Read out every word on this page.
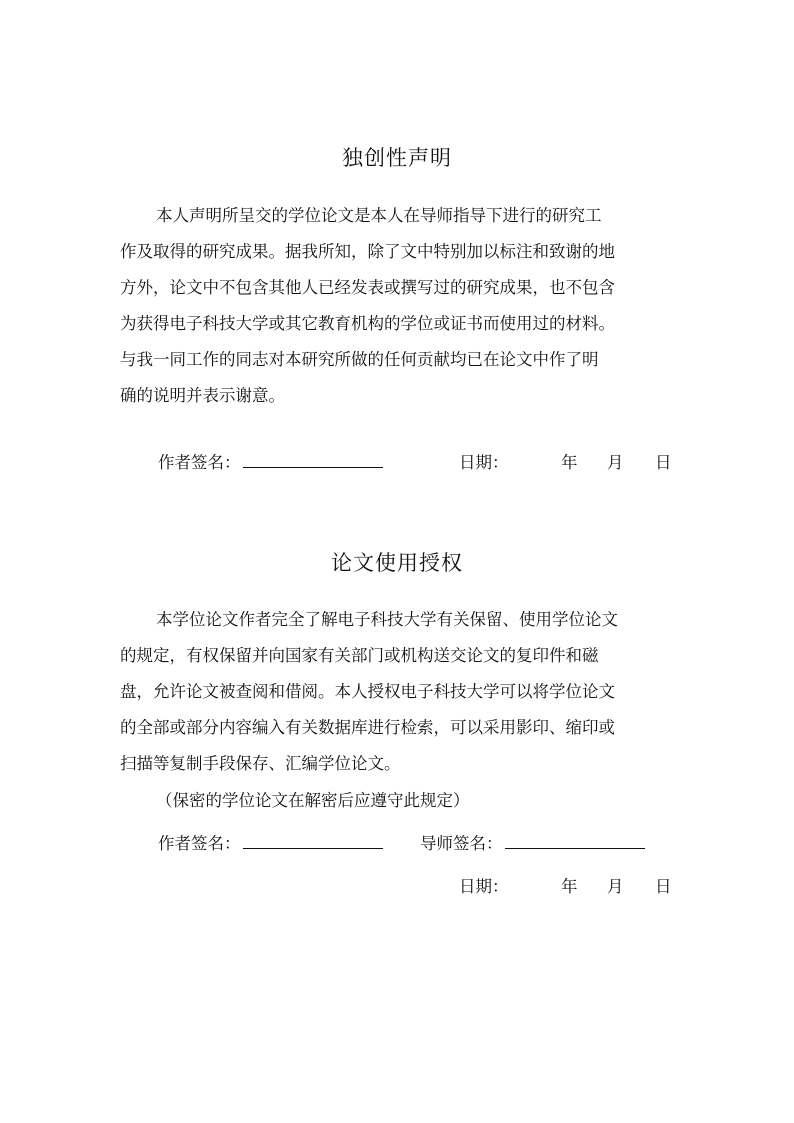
独创性声明

本人声明所呈交的学位论文是本人在导师指导下进行的研究工
作及取得的研究成果。据我所知，除了文中特别加以标注和致谢的地
方外，论文中不包含其他人已经发表或撰写过的研究成果，也不包含
为获得电子科技大学或其它教育机构的学位或证书而使用过的材料。
与我一同工作的同志对本研究所做的任何贡献均已在论文中作了明
确的说明并表示谢意。

作者签名：	日期：	年 月 日
论文使用授权

本学位论文作者完全了解电子科技大学有关保留、使用学位论文
的规定，有权保留并向国家有关部门或机构送交论文的复印件和磁
盘，允许论文被查阅和借阅。本人授权电子科技大学可以将学位论文
的全部或部分内容编入有关数据库进行检索，可以采用影印、缩印或
扫描等复制手段保存、汇编学位论文。

（保密的学位论文在解密后应遵守此规定）
作者签名：	导师签名：
日期：	年 月 日
